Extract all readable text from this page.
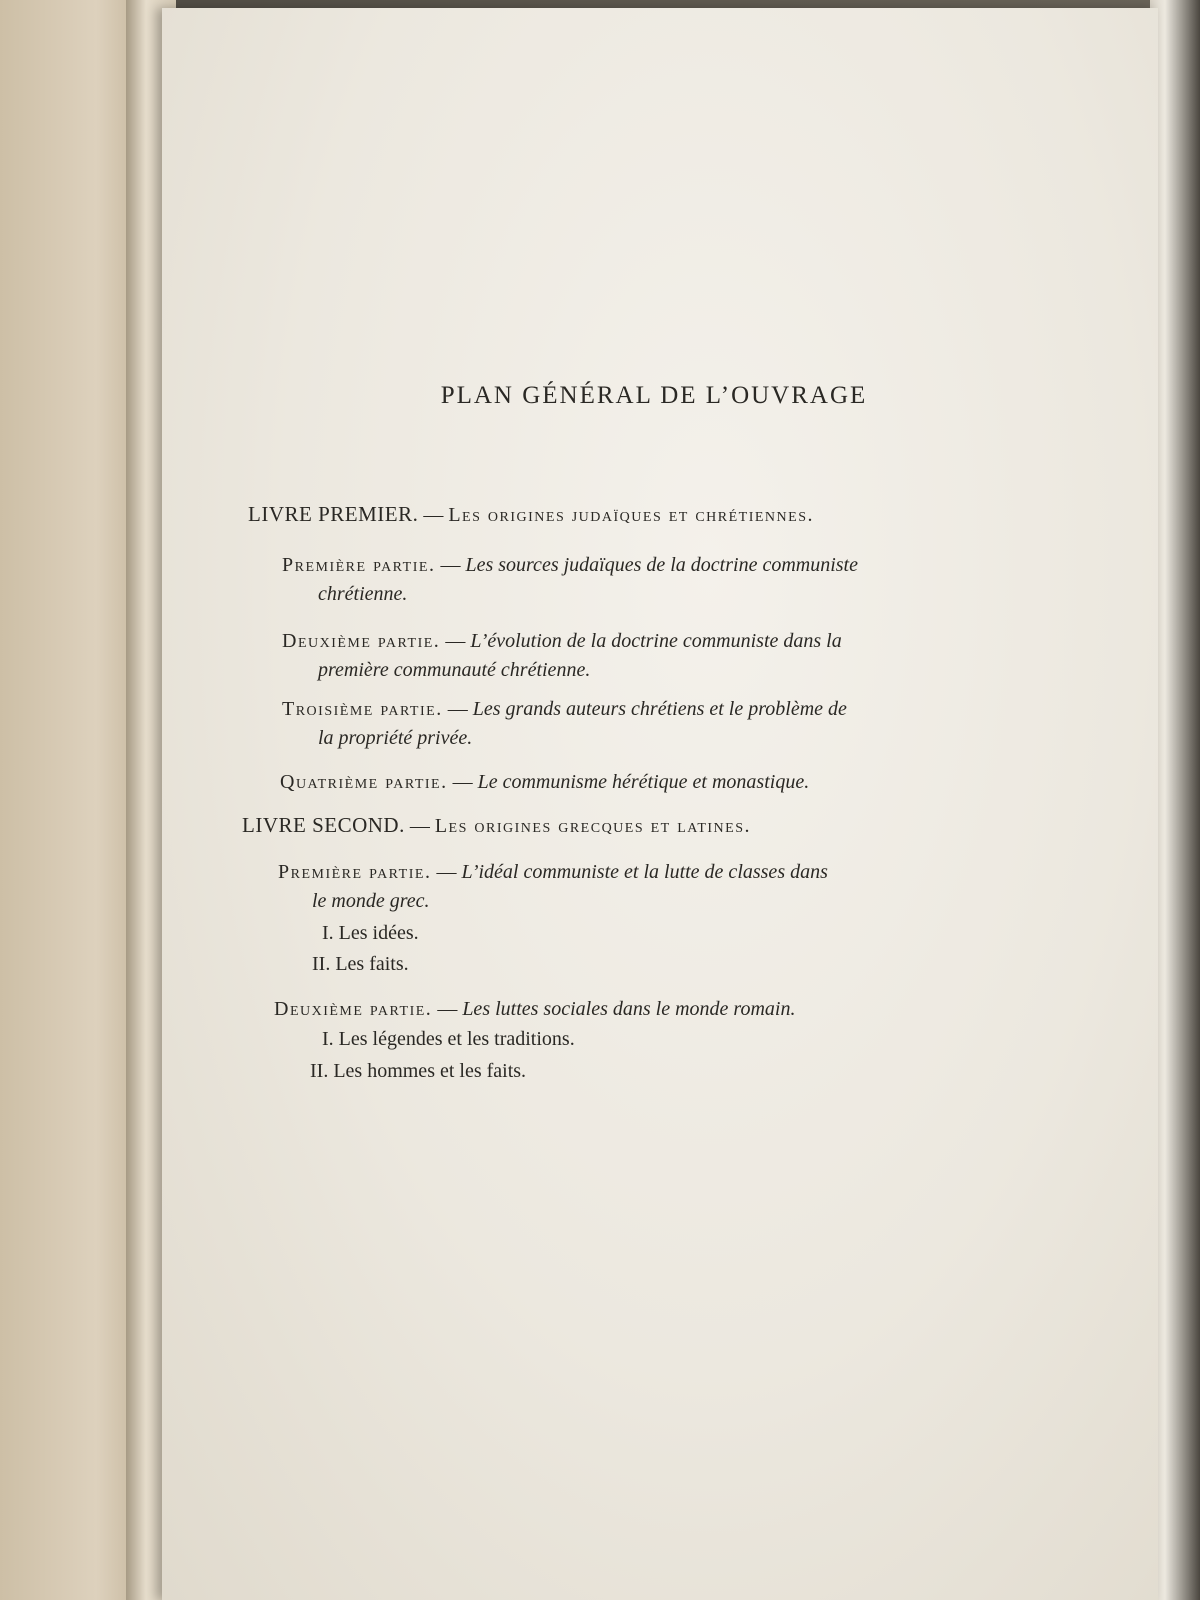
PLAN GÉNÉRAL DE L’OUVRAGE
LIVRE PREMIER. — Les origines judaïques et chrétiennes.
Première partie. — Les sources judaïques de la doctrine communiste
chrétienne.
Deuxième partie. — L’évolution de la doctrine communiste dans la
première communauté chrétienne.
Troisième partie. — Les grands auteurs chrétiens et le problème de
la propriété privée.
Quatrième partie. — Le communisme hérétique et monastique.
LIVRE SECOND. — Les origines grecques et latines.
Première partie. — L’idéal communiste et la lutte de classes dans
le monde grec.
I. Les idées.
II. Les faits.
Deuxième partie. — Les luttes sociales dans le monde romain.
I. Les légendes et les traditions.
II. Les hommes et les faits.
